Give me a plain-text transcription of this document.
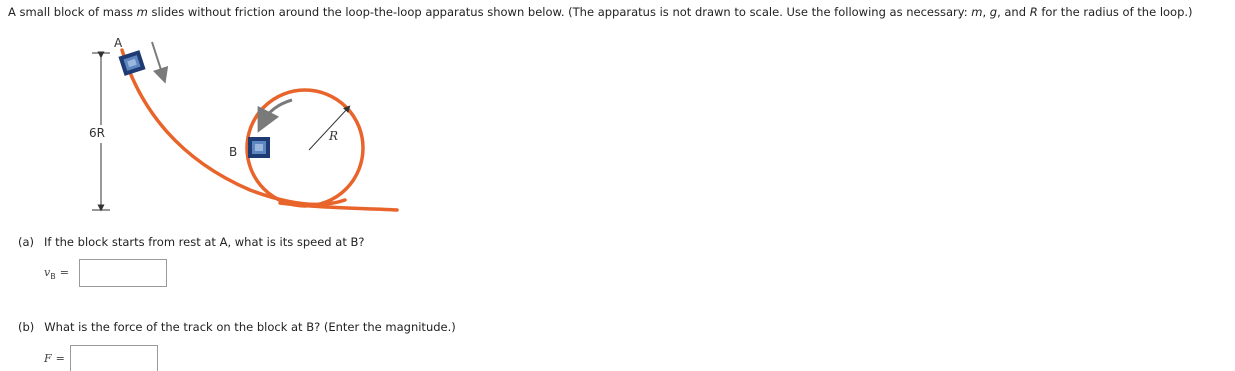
A small block of mass m slides without friction around the loop-the-loop apparatus shown below. (The apparatus is not drawn to scale. Use the following as necessary: m, g, and R for the radius of the loop.)
6R
A
B
R
(a) If the block starts from rest at A, what is its speed at B?
$v_B$ =
(b) What is the force of the track on the block at B? (Enter the magnitude.)
F =
